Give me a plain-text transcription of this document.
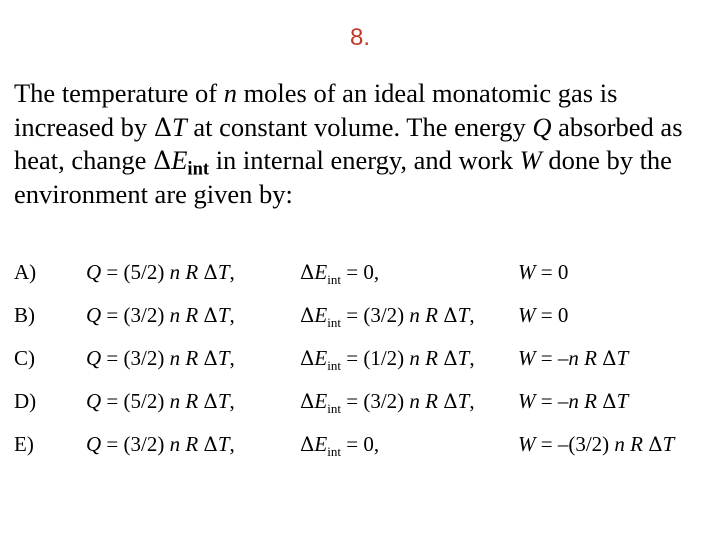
8.
The temperature of n moles of an ideal monatomic gas is increased by ΔT at constant volume. The energy Q absorbed as heat, change $\Delta E_{int}$ in internal energy, and work W done by the environment are given by:
A) Q = (5/2) n R ΔT,	$\Delta E_{int} = 0$,	W = 0
B) Q = (3/2) n R ΔT,	$\Delta E_{int} = (3/2)$ n R ΔT, W = 0
C) Q = (3/2) n R ΔT,	$\Delta E_{int} = (1/2)$ n R ΔT, W = –n R ΔT
D) Q = (5/2) n R ΔT,	$\Delta E_{int} = (3/2)$ n R ΔT, W = –n R ΔT
E) Q = (3/2) n R ΔT,	$\Delta E_{int} = 0$,	W = –(3/2) n R ΔT
